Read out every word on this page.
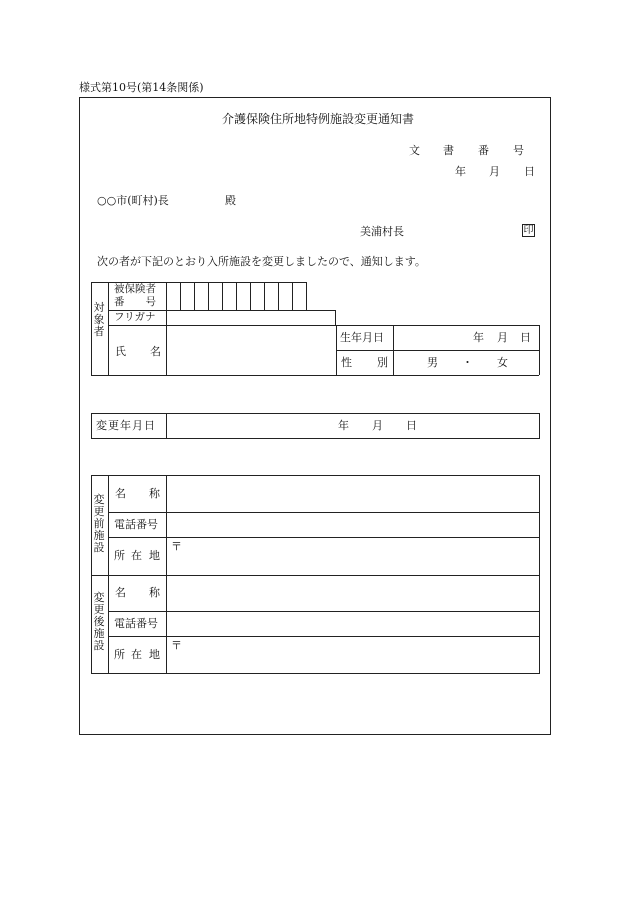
様式第10号(第14条関係)
介護保険住所地特例施設変更通知書
文 書 番 号
年 月 日
○○市(町村)長	殿
美浦村長	印
次の者が下記のとおり入所施設を変更しましたので、通知します。
対象者
被保険者
番　　号
フリガナ
氏 名
生年月日	年 月 日
性 別	男 ・ 女
変更年月日	年 月 日
変更前施設
名 称
電話番号
所 在 地
〒
変更後施設
名 称
電話番号
所 在 地
〒
